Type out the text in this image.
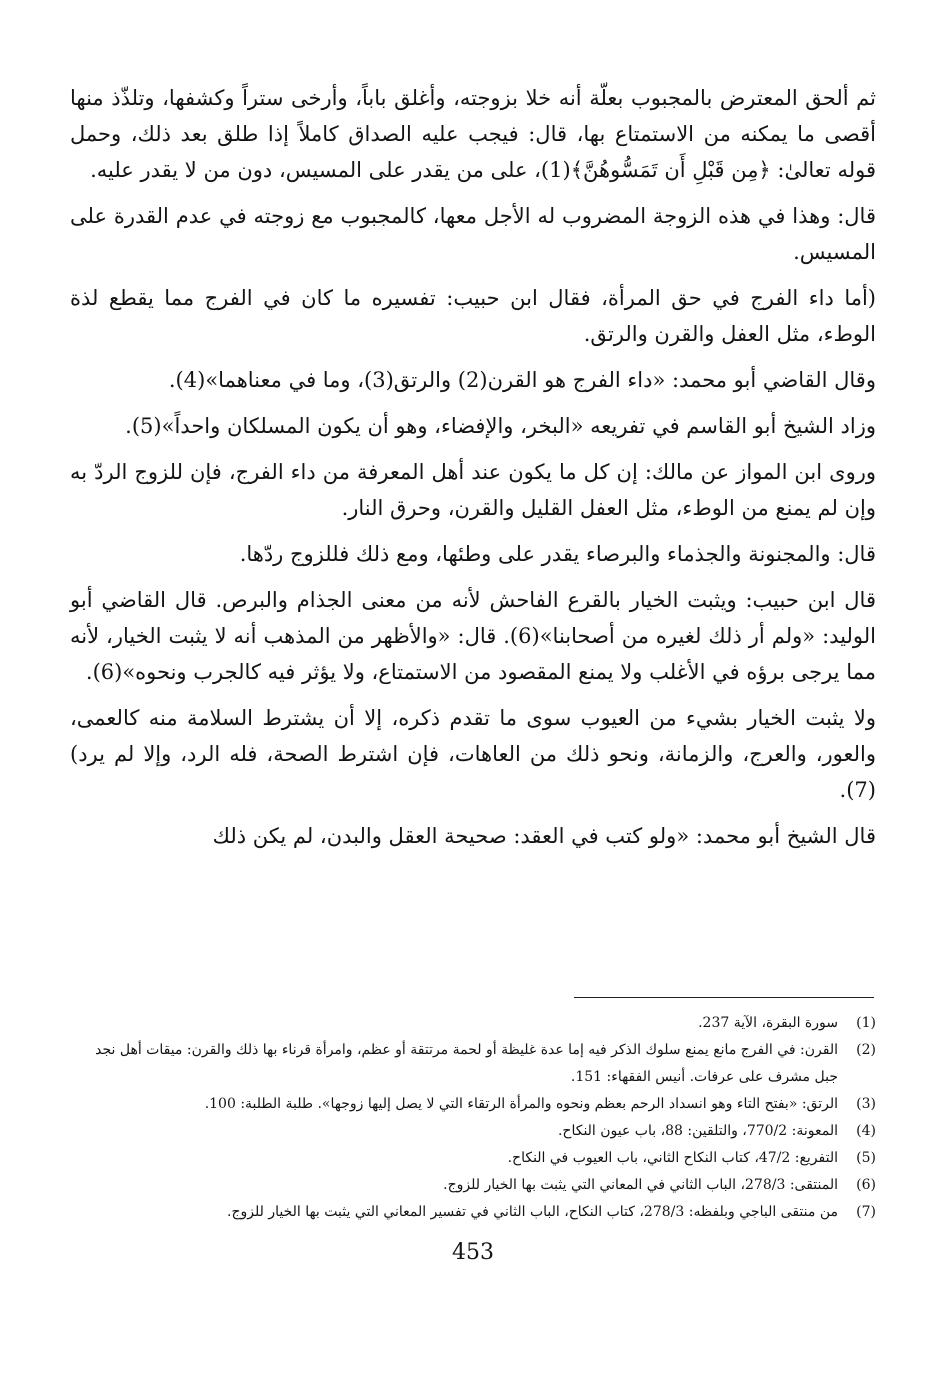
ثم ألحق المعترض بالمجبوب بعلّة أنه خلا بزوجته، وأغلق باباً، وأرخى ستراً وكشفها، وتلذّذ منها أقصى ما يمكنه من الاستمتاع بها، قال: فيجب عليه الصداق كاملاً إذا طلق بعد ذلك، وحمل قوله تعالىٰ: ﴿مِن قَبْلِ أَن تَمَسُّوهُنَّ﴾(1)، على من يقدر على المسيس، دون من لا يقدر عليه.

قال: وهذا في هذه الزوجة المضروب له الأجل معها، كالمجبوب مع زوجته في عدم القدرة على المسيس.

(أما داء الفرج في حق المرأة، فقال ابن حبيب: تفسيره ما كان في الفرج مما يقطع لذة الوطء، مثل العفل والقرن والرتق.

وقال القاضي أبو محمد: «داء الفرج هو القرن(2) والرتق(3)، وما في معناهما»(4).

وزاد الشيخ أبو القاسم في تفريعه «البخر، والإفضاء، وهو أن يكون المسلكان واحداً»(5).

وروى ابن المواز عن مالك: إن كل ما يكون عند أهل المعرفة من داء الفرج، فإن للزوج الردّ به وإن لم يمنع من الوطء، مثل العفل القليل والقرن، وحرق النار.

قال: والمجنونة والجذماء والبرصاء يقدر على وطئها، ومع ذلك فللزوج ردّها.

قال ابن حبيب: ويثبت الخيار بالقرع الفاحش لأنه من معنى الجذام والبرص. قال القاضي أبو الوليد: «ولم أر ذلك لغيره من أصحابنا»(6). قال: «والأظهر من المذهب أنه لا يثبت الخيار، لأنه مما يرجى برؤه في الأغلب ولا يمنع المقصود من الاستمتاع، ولا يؤثر فيه كالجرب ونحوه»(6).

ولا يثبت الخيار بشيء من العيوب سوى ما تقدم ذكره، إلا أن يشترط السلامة منه كالعمى، والعور، والعرج، والزمانة، ونحو ذلك من العاهات، فإن اشترط الصحة، فله الرد، وإلا لم يرد)(7).

قال الشيخ أبو محمد: «ولو كتب في العقد: صحيحة العقل والبدن، لم يكن ذلك

(1)
سورة البقرة، الآية 237.
(2)
القرن: في الفرج مانع يمنع سلوك الذكر فيه إما عدة غليظة أو لحمة مرتتقة أو عظم، وامرأة قرناء بها ذلك والقرن: ميقات أهل نجد جبل مشرف على عرفات. أنيس الفقهاء: 151.
(3)
الرتق: «بفتح التاء وهو انسداد الرحم بعظم ونحوه والمرأة الرتقاء التي لا يصل إليها زوجها». طلبة الطلبة: 100.
(4)
المعونة: 770/2، والتلقين: 88، باب عيون النكاح.
(5)
التفريع: 47/2، كتاب النكاح الثاني، باب العيوب في النكاح.
(6)
المنتقى: 278/3، الباب الثاني في المعاني التي يثبت بها الخيار للزوج.
(7)
من منتقى الباجي وبلفظه: 278/3، كتاب النكاح، الباب الثاني في تفسير المعاني التي يثبت بها الخيار للزوج.
453
